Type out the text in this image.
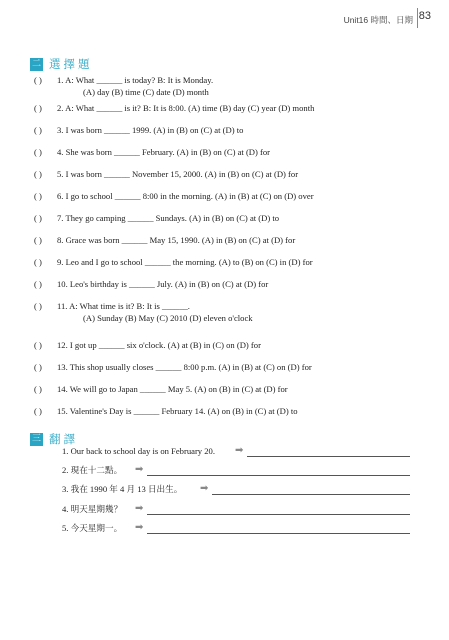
Unit16 時間、日期 83
二 選擇題
( ) 1. A: What ______ is today? B: It is Monday.
(A) day (B) time (C) date (D) month
( ) 2. A: What ______ is it? B: It is 8:00. (A) time (B) day (C) year (D) month
( ) 3. I was born ______ 1999. (A) in (B) on (C) at (D) to
( ) 4. She was born ______ February. (A) in (B) on (C) at (D) for
( ) 5. I was born ______ November 15, 2000. (A) in (B) on (C) at (D) for
( ) 6. I go to school ______ 8:00 in the morning. (A) in (B) at (C) on (D) over
( ) 7. They go camping ______ Sundays. (A) in (B) on (C) at (D) to
( ) 8. Grace was born ______ May 15, 1990. (A) in (B) on (C) at (D) for
( ) 9. Leo and I go to school ______ the morning. (A) to (B) on (C) in (D) for
( ) 10. Leo's birthday is ______ July. (A) in (B) on (C) at (D) for
( ) 11. A: What time is it? B: It is ______.
(A) Sunday (B) May (C) 2010 (D) eleven o'clock
( ) 12. I got up ______ six o'clock. (A) at (B) in (C) on (D) for
( ) 13. This shop usually closes ______ 8:00 p.m. (A) in (B) at (C) on (D) for
( ) 14. We will go to Japan ______ May 5. (A) on (B) in (C) at (D) for
( ) 15. Valentine's Day is ______ February 14. (A) on (B) in (C) at (D) to
三 翻譯
1. Our back to school day is on February 20. ➡
2. 現在十二點。 ➡
3. 我在 1990 年 4 月 13 日出生。 ➡
4. 明天星期幾？ ➡
5. 今天星期一。 ➡
